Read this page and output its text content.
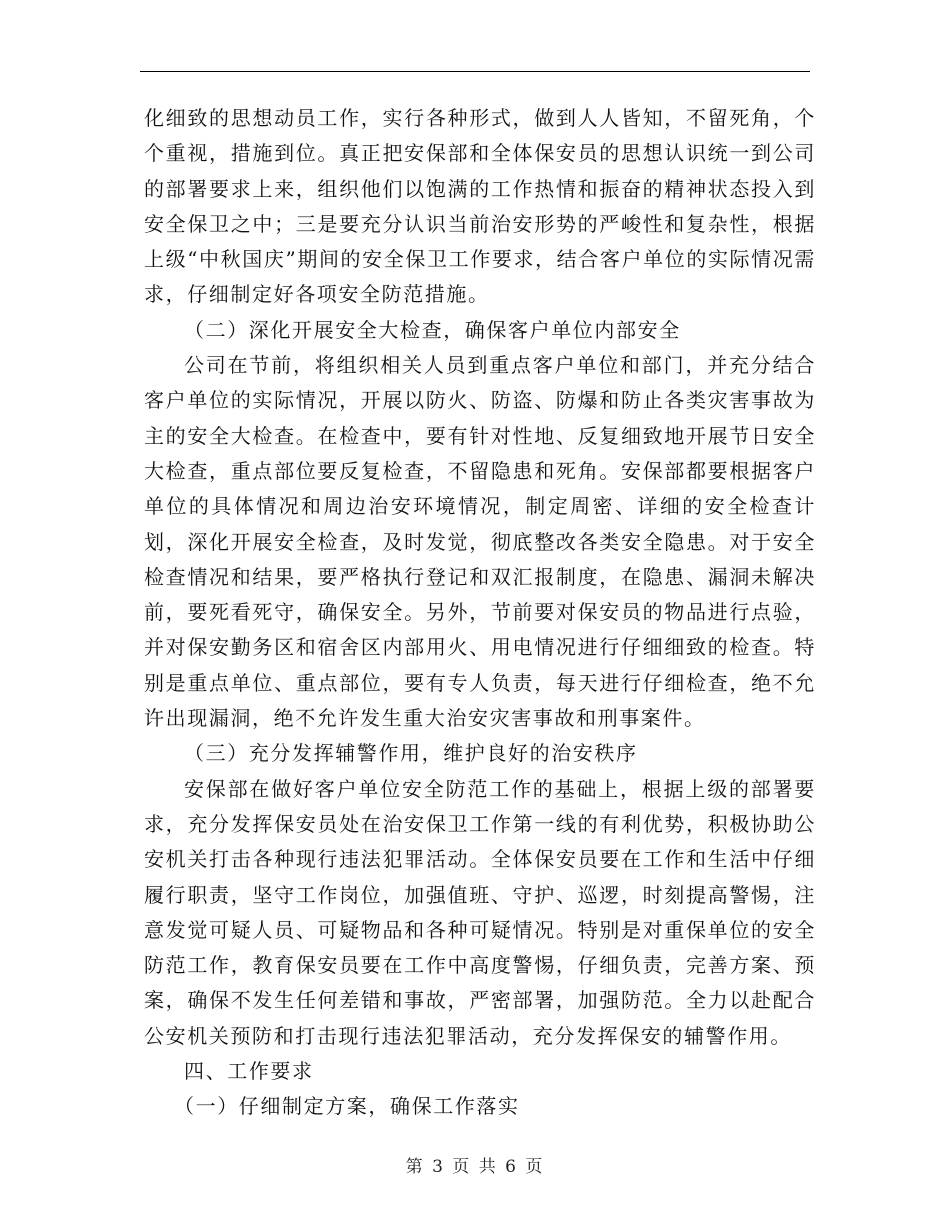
化细致的思想动员工作，实行各种形式，做到人人皆知，不留死角，个个重视，措施到位。真正把安保部和全体保安员的思想认识统一到公司的部署要求上来，组织他们以饱满的工作热情和振奋的精神状态投入到安全保卫之中；三是要充分认识当前治安形势的严峻性和复杂性，根据上级“中秋国庆”期间的安全保卫工作要求，结合客户单位的实际情况需求，仔细制定好各项安全防范措施。

（二）深化开展安全大检查，确保客户单位内部安全

公司在节前，将组织相关人员到重点客户单位和部门，并充分结合客户单位的实际情况，开展以防火、防盗、防爆和防止各类灾害事故为主的安全大检查。在检查中，要有针对性地、反复细致地开展节日安全大检查，重点部位要反复检查，不留隐患和死角。安保部都要根据客户单位的具体情况和周边治安环境情况，制定周密、详细的安全检查计划，深化开展安全检查，及时发觉，彻底整改各类安全隐患。对于安全检查情况和结果，要严格执行登记和双汇报制度，在隐患、漏洞未解决前，要死看死守，确保安全。另外，节前要对保安员的物品进行点验，并对保安勤务区和宿舍区内部用火、用电情况进行仔细细致的检查。特别是重点单位、重点部位，要有专人负责，每天进行仔细检查，绝不允许出现漏洞，绝不允许发生重大治安灾害事故和刑事案件。

（三）充分发挥辅警作用，维护良好的治安秩序

安保部在做好客户单位安全防范工作的基础上，根据上级的部署要求，充分发挥保安员处在治安保卫工作第一线的有利优势，积极协助公安机关打击各种现行违法犯罪活动。全体保安员要在工作和生活中仔细履行职责，坚守工作岗位，加强值班、守护、巡逻，时刻提高警惕，注意发觉可疑人员、可疑物品和各种可疑情况。特别是对重保单位的安全防范工作，教育保安员要在工作中高度警惕，仔细负责，完善方案、预案，确保不发生任何差错和事故，严密部署，加强防范。全力以赴配合公安机关预防和打击现行违法犯罪活动，充分发挥保安的辅警作用。

四、工作要求

（一）仔细制定方案，确保工作落实

第 3 页 共 6 页
